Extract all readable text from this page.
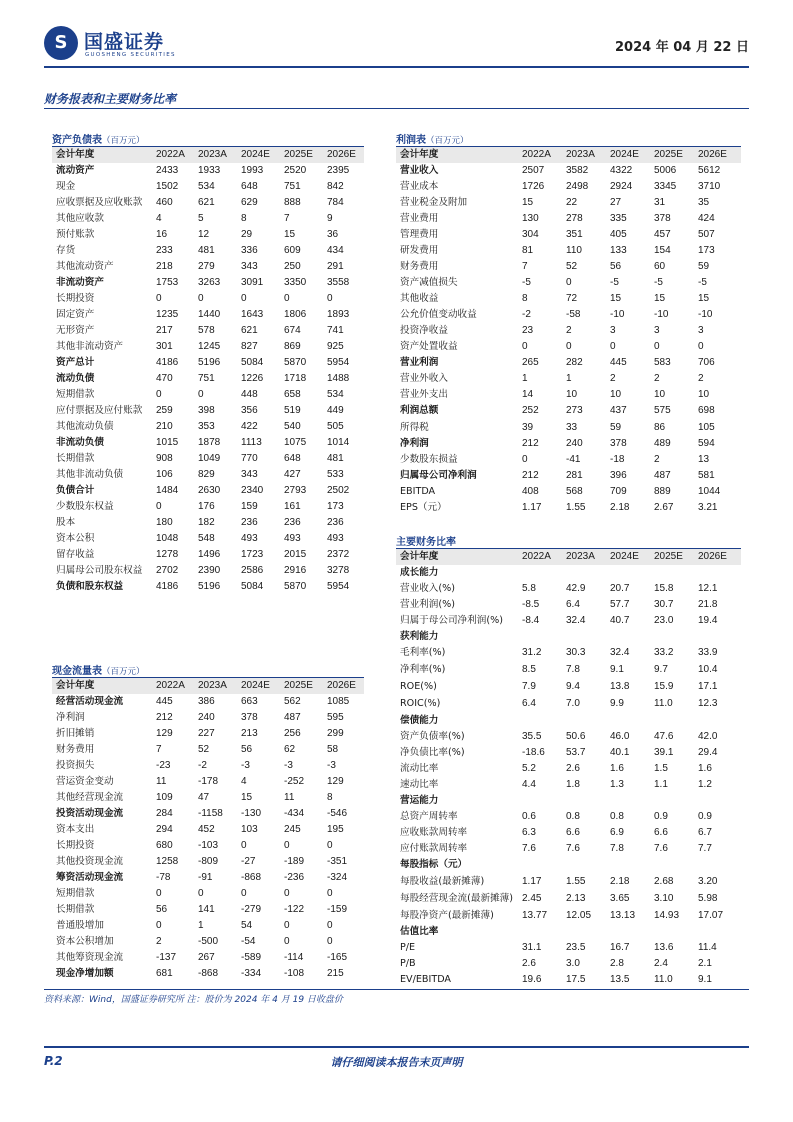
S 国盛证券
GUOSHENG SECURITIES	2024 年 04 月 22 日
财务报表和主要财务比率
资产负债表（百万元）
会计年度	2022A	2023A	2024E	2025E	2026E
流动资产	2433	1933	1993	2520	2395
现金	1502	534	648	751	842
应收票据及应收账款	460	621	629	888	784
其他应收款	4	5	8	7	9
预付账款	16	12	29	15	36
存货	233	481	336	609	434
其他流动资产	218	279	343	250	291
非流动资产	1753	3263	3091	3350	3558
长期投资	0	0	0	0	0
固定资产	1235	1440	1643	1806	1893
无形资产	217	578	621	674	741
其他非流动资产	301	1245	827	869	925
资产总计	4186	5196	5084	5870	5954
流动负债	470	751	1226	1718	1488
短期借款	0	0	448	658	534
应付票据及应付账款	259	398	356	519	449
其他流动负债	210	353	422	540	505
非流动负债	1015	1878	1113	1075	1014
长期借款	908	1049	770	648	481
其他非流动负债	106	829	343	427	533
负债合计	1484	2630	2340	2793	2502
少数股东权益	0	176	159	161	173
股本	180	182	236	236	236
资本公积	1048	548	493	493	493
留存收益	1278	1496	1723	2015	2372
归属母公司股东权益	2702	2390	2586	2916	3278
负债和股东权益	4186	5196	5084	5870	5954
现金流量表（百万元）
会计年度	2022A	2023A	2024E	2025E	2026E
经营活动现金流	445	386	663	562	1085
净利润	212	240	378	487	595
折旧摊销	129	227	213	256	299
财务费用	7	52	56	62	58
投资损失	-23	-2	-3	-3	-3
营运资金变动	11	-178	4	-252	129
其他经营现金流	109	47	15	11	8
投资活动现金流	284	-1158	-130	-434	-546
资本支出	294	452	103	245	195
长期投资	680	-103	0	0	0
其他投资现金流	1258	-809	-27	-189	-351
筹资活动现金流	-78	-91	-868	-236	-324
短期借款	0	0	0	0	0
长期借款	56	141	-279	-122	-159
普通股增加	0	1	54	0	0
资本公积增加	2	-500	-54	0	0
其他筹资现金流	-137	267	-589	-114	-165
现金净增加额	681	-868	-334	-108	215
利润表（百万元）
会计年度	2022A	2023A	2024E	2025E	2026E
营业收入	2507	3582	4322	5006	5612
营业成本	1726	2498	2924	3345	3710
营业税金及附加	15	22	27	31	35
营业费用	130	278	335	378	424
管理费用	304	351	405	457	507
研发费用	81	110	133	154	173
财务费用	7	52	56	60	59
资产减值损失	-5	0	-5	-5	-5
其他收益	8	72	15	15	15
公允价值变动收益	-2	-58	-10	-10	-10
投资净收益	23	2	3	3	3
资产处置收益	0	0	0	0	0
营业利润	265	282	445	583	706
营业外收入	1	1	2	2	2
营业外支出	14	10	10	10	10
利润总额	252	273	437	575	698
所得税	39	33	59	86	105
净利润	212	240	378	489	594
少数股东损益	0	-41	-18	2	13
归属母公司净利润	212	281	396	487	581
EBITDA	408	568	709	889	1044
EPS（元）	1.17	1.55	2.18	2.67	3.21
主要财务比率
会计年度	2022A	2023A	2024E	2025E	2026E
成长能力					
营业收入(%)	5.8	42.9	20.7	15.8	12.1
营业利润(%)	-8.5	6.4	57.7	30.7	21.8
归属于母公司净利润(%)	-8.4	32.4	40.7	23.0	19.4
获利能力					
毛利率(%)	31.2	30.3	32.4	33.2	33.9
净利率(%)	8.5	7.8	9.1	9.7	10.4
ROE(%)	7.9	9.4	13.8	15.9	17.1
ROIC(%)	6.4	7.0	9.9	11.0	12.3
偿债能力					
资产负债率(%)	35.5	50.6	46.0	47.6	42.0
净负债比率(%)	-18.6	53.7	40.1	39.1	29.4
流动比率	5.2	2.6	1.6	1.5	1.6
速动比率	4.4	1.8	1.3	1.1	1.2
营运能力					
总资产周转率	0.6	0.8	0.8	0.9	0.9
应收账款周转率	6.3	6.6	6.9	6.6	6.7
应付账款周转率	7.6	7.6	7.8	7.6	7.7
每股指标（元）					
每股收益(最新摊薄)	1.17	1.55	2.18	2.68	3.20
每股经营现金流(最新摊薄)	2.45	2.13	3.65	3.10	5.98
每股净资产(最新摊薄)	13.77	12.05	13.13	14.93	17.07
估值比率					
P/E	31.1	23.5	16.7	13.6	11.4
P/B	2.6	3.0	2.8	2.4	2.1
EV/EBITDA	19.6	17.5	13.5	11.0	9.1
资料来源：Wind，国盛证券研究所 注：股价为 2024 年 4 月 19 日收盘价
P.2	请仔细阅读本报告末页声明
